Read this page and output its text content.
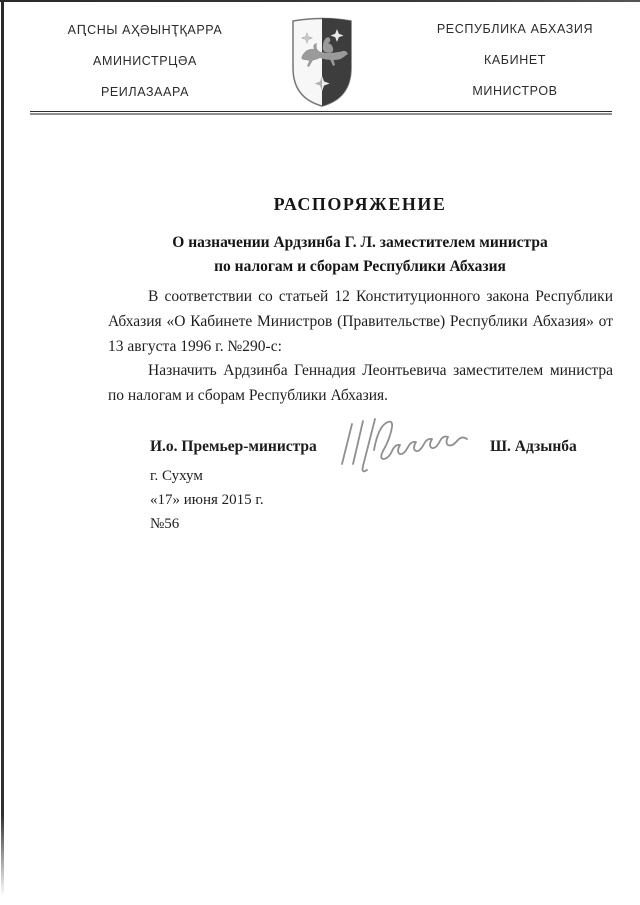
АԤСНЫ АҲӘЫНҬҚАРРА
АМИНИСТРЦӘА
РЕИЛАЗААРА
РЕСПУБЛИКА АБХАЗИЯ
КАБИНЕТ
МИНИСТРОВ
РАСПОРЯЖЕНИЕ
О назначении Ардзинба Г. Л. заместителем министра
по налогам и сборам Республики Абхазия
В соответствии со статьей 12 Конституционного закона Республики Абхазия «О Кабинете Министров (Правительстве) Республики Абхазия» от 13 августа 1996 г. №290-с:
Назначить Ардзинба Геннадия Леонтьевича заместителем министра по налогам и сборам Республики Абхазия.
И.о. Премьер-министра	Ш. Адзынба
г. Сухум
«17» июня 2015 г.
№56
